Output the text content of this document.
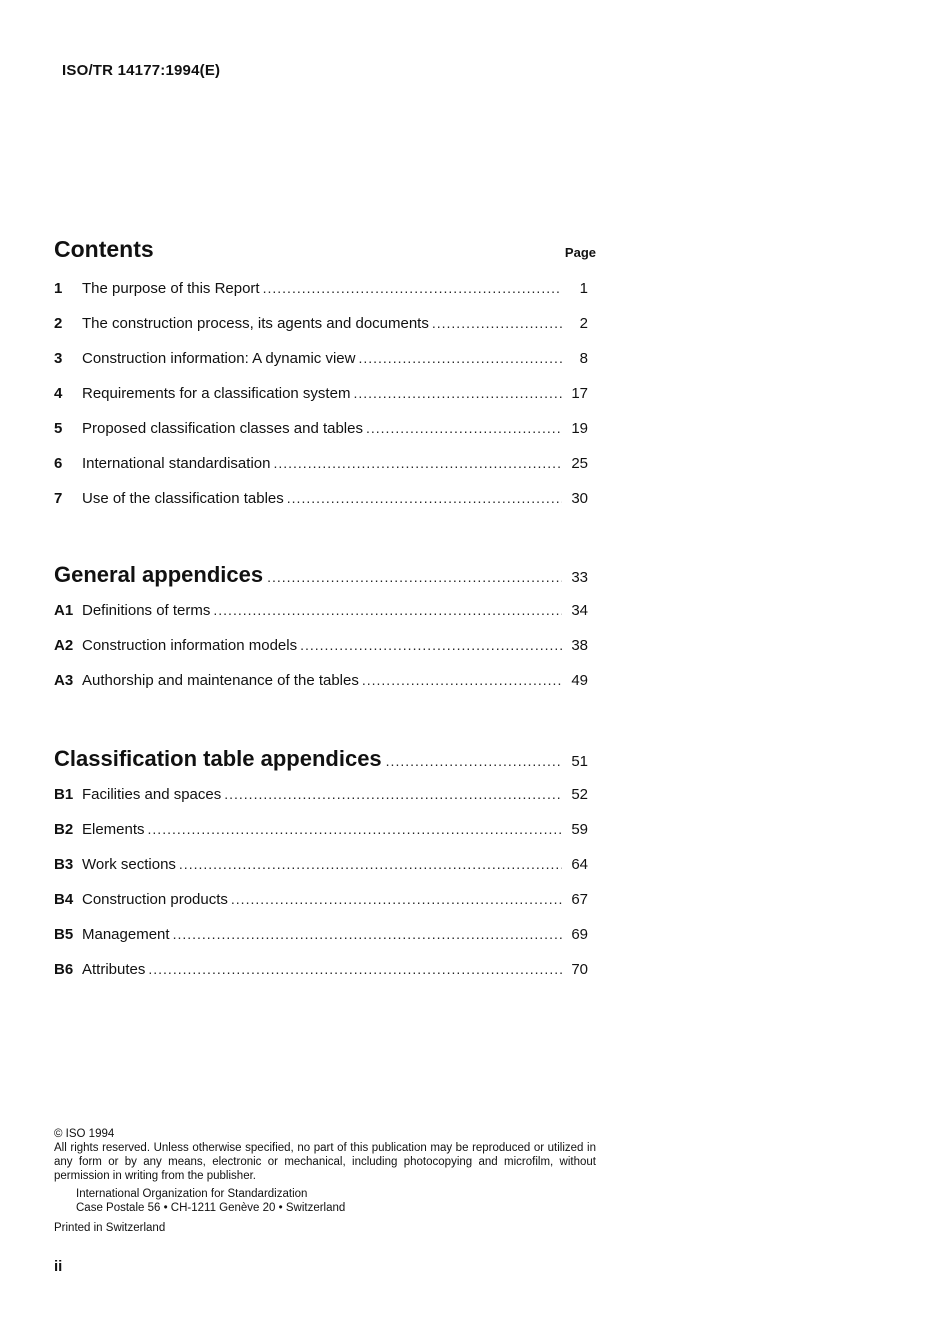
ISO/TR 14177:1994(E)
Contents	Page
1	The purpose of this Report .....	1
2	The construction process, its agents and documents .....	2
3	Construction information: A dynamic view .....	8
4	Requirements for a classification system .....	17
5	Proposed classification classes and tables .....	19
6	International standardisation .....	25
7	Use of the classification tables .....	30
General appendices .....	33
A1 Definitions of terms .....	34
A2 Construction information models .....	38
A3 Authorship and maintenance of the tables .....	49
Classification table appendices .....	51
B1 Facilities and spaces .....	52
B2 Elements .....	59
B3 Work sections .....	64
B4 Construction products .....	67
B5 Management .....	69
B6 Attributes .....	70
© ISO 1994
All rights reserved. Unless otherwise specified, no part of this publication may be reproduced or utilized in any form or by any means, electronic or mechanical, including photocopying and microfilm, without permission in writing from the publisher.
International Organization for Standardization
Case Postale 56 • CH-1211 Genève 20 • Switzerland
Printed in Switzerland
ii
